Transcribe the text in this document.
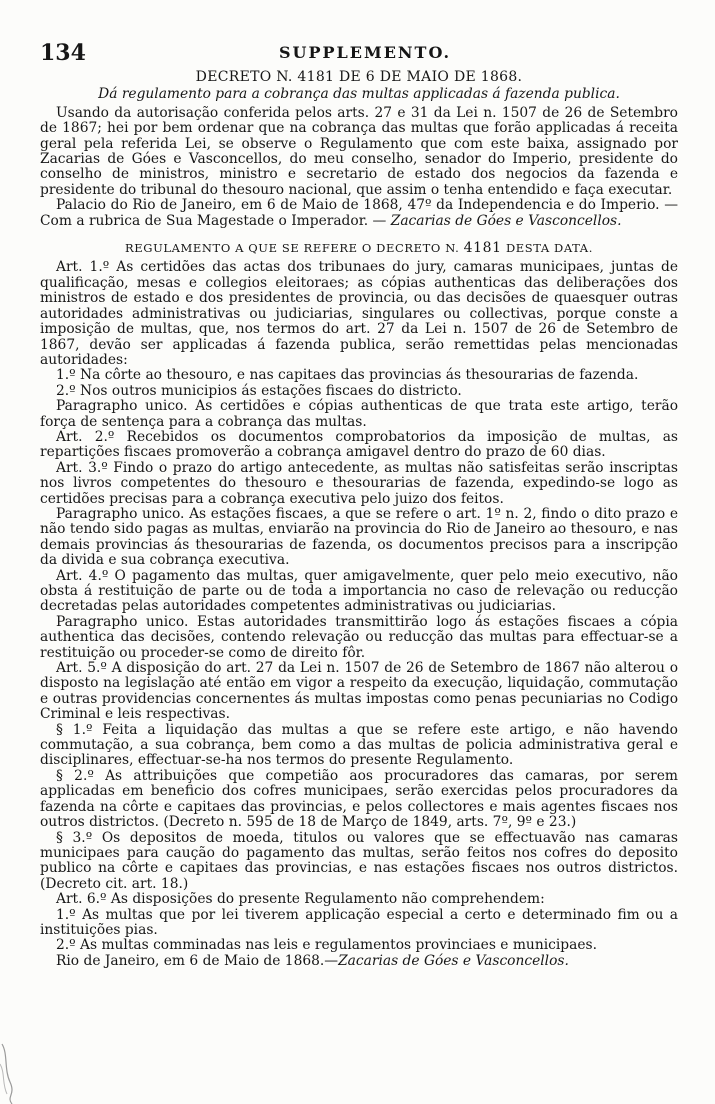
134	SUPPLEMENTO.
DECRETO N. 4181 DE 6 DE MAIO DE 1868.
Dá regulamento para a cobrança das multas applicadas á fazenda publica.

Usando da autorisação conferida pelos arts. 27 e 31 da Lei n. 1507 de 26 de Setembro de 1867; hei por bem ordenar que na cobrança das multas que forão applicadas á receita geral pela referida Lei, se observe o Regulamento que com este baixa, assignado por Zacarias de Góes e Vasconcellos, do meu conselho, senador do Imperio, presidente do conselho de ministros, ministro e secretario de estado dos negocios da fazenda e presidente do tribunal do thesouro nacional, que assim o tenha entendido e faça executar.

Palacio do Rio de Janeiro, em 6 de Maio de 1868, 47º da Independencia e do Imperio. — Com a rubrica de Sua Magestade o Imperador. — Zacarias de Góes e Vasconcellos.

REGULAMENTO A QUE SE REFERE O DECRETO N. 4181 DESTA DATA.

Art. 1.º As certidões das actas dos tribunaes do jury, camaras municipaes, juntas de qualificação, mesas e collegios eleitoraes; as cópias authenticas das deliberações dos ministros de estado e dos presidentes de provincia, ou das decisões de quaesquer outras autoridades administrativas ou judiciarias, singulares ou collectivas, porque conste a imposição de multas, que, nos termos do art. 27 da Lei n. 1507 de 26 de Setembro de 1867, devão ser applicadas á fazenda publica, serão remettidas pelas mencionadas autoridades:

1.º Na côrte ao thesouro, e nas capitaes das provincias ás thesourarias de fazenda.

2.º Nos outros municipios ás estações fiscaes do districto.

Paragrapho unico. As certidões e cópias authenticas de que trata este artigo, terão força de sentença para a cobrança das multas.

Art. 2.º Recebidos os documentos comprobatorios da imposição de multas, as repartições fiscaes promoverão a cobrança amigavel dentro do prazo de 60 dias.

Art. 3.º Findo o prazo do artigo antecedente, as multas não satisfeitas serão inscriptas nos livros competentes do thesouro e thesourarias de fazenda, expedindo-se logo as certidões precisas para a cobrança executiva pelo juizo dos feitos.

Paragrapho unico. As estações fiscaes, a que se refere o art. 1º n. 2, findo o dito prazo e não tendo sido pagas as multas, enviarão na provincia do Rio de Janeiro ao thesouro, e nas demais provincias ás thesourarias de fazenda, os documentos precisos para a inscripção da divida e sua cobrança executiva.

Art. 4.º O pagamento das multas, quer amigavelmente, quer pelo meio executivo, não obsta á restituição de parte ou de toda a importancia no caso de relevação ou reducção decretadas pelas autoridades competentes administrativas ou judiciarias.

Paragrapho unico. Estas autoridades transmittirão logo ás estações fiscaes a cópia authentica das decisões, contendo relevação ou reducção das multas para effectuar-se a restituição ou proceder-se como de direito fôr.

Art. 5.º A disposição do art. 27 da Lei n. 1507 de 26 de Setembro de 1867 não alterou o disposto na legislação até então em vigor a respeito da execução, liquidação, commutação e outras providencias concernentes ás multas impostas como penas pecuniarias no Codigo Criminal e leis respectivas.

§ 1.º Feita a liquidação das multas a que se refere este artigo, e não havendo commutação, a sua cobrança, bem como a das multas de policia administrativa geral e disciplinares, effectuar-se-ha nos termos do presente Regulamento.

§ 2.º As attribuições que competião aos procuradores das camaras, por serem applicadas em beneficio dos cofres municipaes, serão exercidas pelos procuradores da fazenda na côrte e capitaes das provincias, e pelos collectores e mais agentes fiscaes nos outros districtos. (Decreto n. 595 de 18 de Março de 1849, arts. 7º, 9º e 23.)

§ 3.º Os depositos de moeda, titulos ou valores que se effectuavão nas camaras municipaes para caução do pagamento das multas, serão feitos nos cofres do deposito publico na côrte e capitaes das provincias, e nas estações fiscaes nos outros districtos. (Decreto cit. art. 18.)

Art. 6.º As disposições do presente Regulamento não comprehendem:

1.º As multas que por lei tiverem applicação especial a certo e determinado fim ou a instituições pias.

2.º As multas comminadas nas leis e regulamentos provinciaes e municipaes.

Rio de Janeiro, em 6 de Maio de 1868.—Zacarias de Góes e Vasconcellos.
